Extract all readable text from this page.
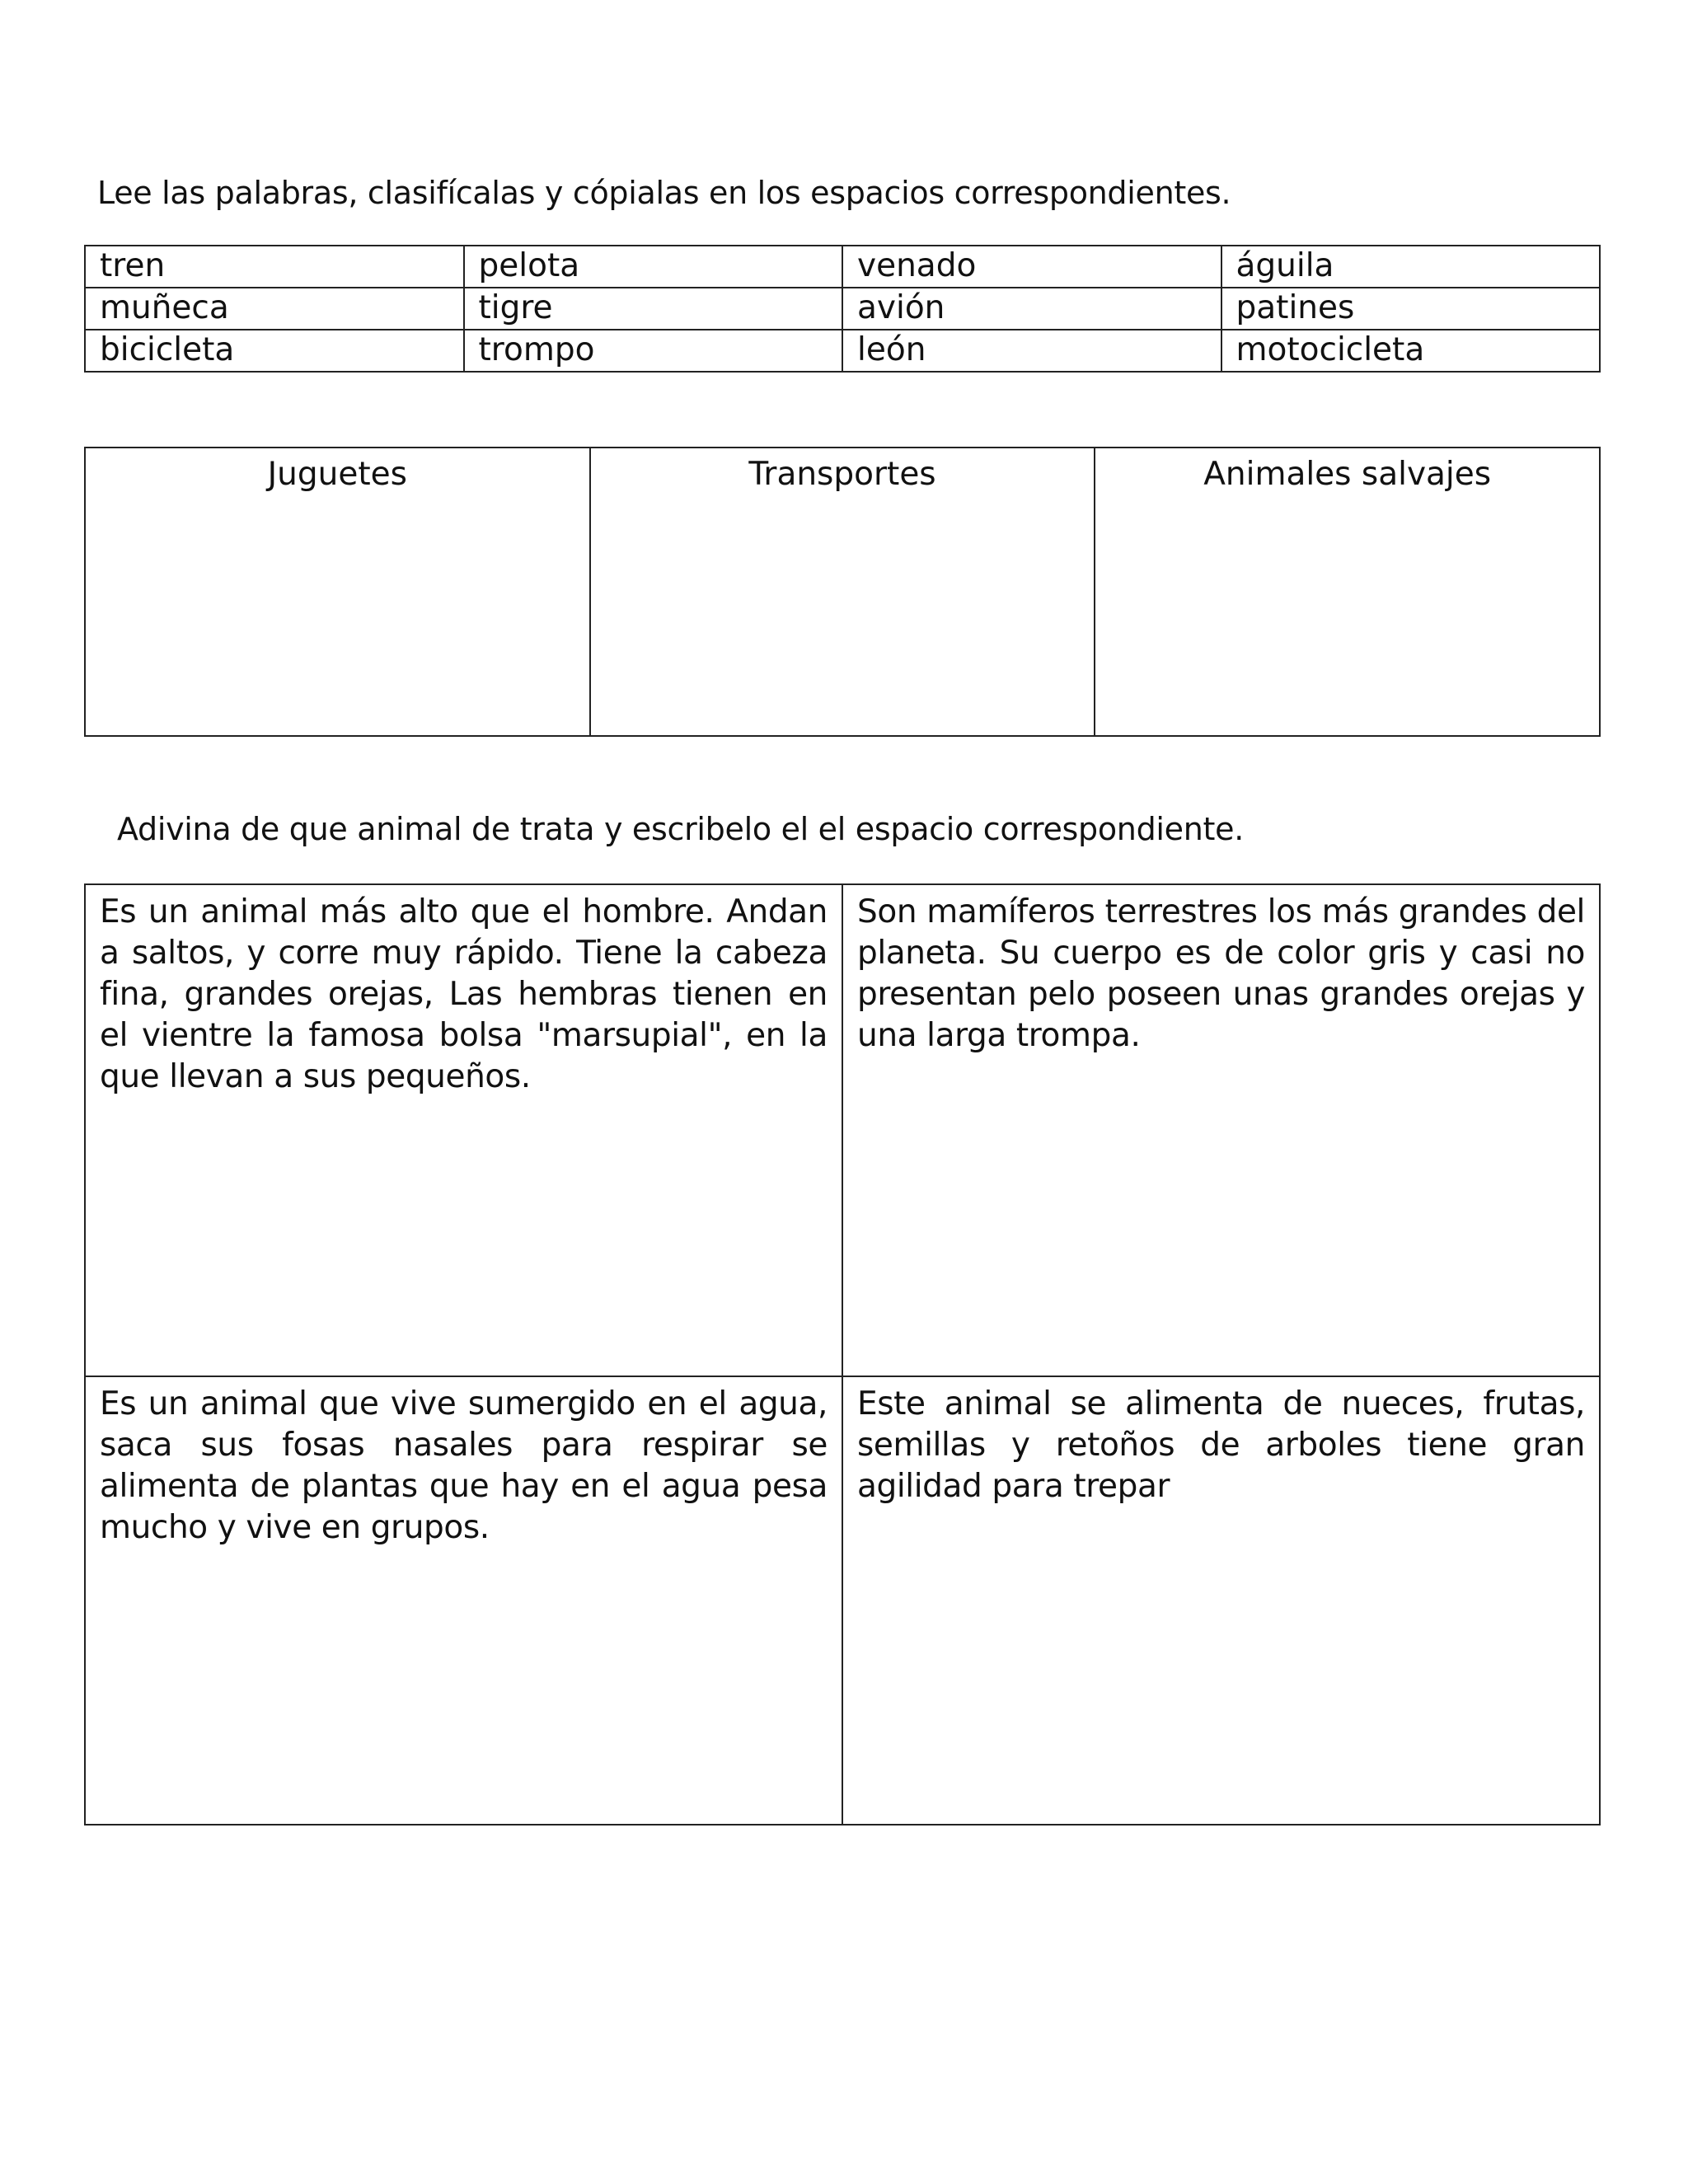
Lee las palabras, clasifícalas y cópialas en los espacios correspondientes.
tren	pelota	venado	águila
muñeca	tigre	avión	patines
bicicleta	trompo	león	motocicleta
Juguetes	Transportes	Animales salvajes
Adivina de que animal de trata y escribelo el el espacio correspondiente.
Es un animal más alto que el hombre. Andan a saltos, y corre muy rápido. Tiene la cabeza fina, grandes orejas, Las hembras tienen en el vientre la famosa bolsa "marsupial", en la que llevan a sus pequeños.	Son mamíferos terrestres los más grandes del planeta. Su cuerpo es de color gris y casi no presentan pelo poseen unas grandes orejas y una larga trompa.
Es un animal que vive sumergido en el agua, saca sus fosas nasales para respirar se alimenta de plantas que hay en el agua pesa mucho y vive en grupos.	Este animal se alimenta de nueces, frutas, semillas y retoños de arboles tiene gran agilidad para trepar
